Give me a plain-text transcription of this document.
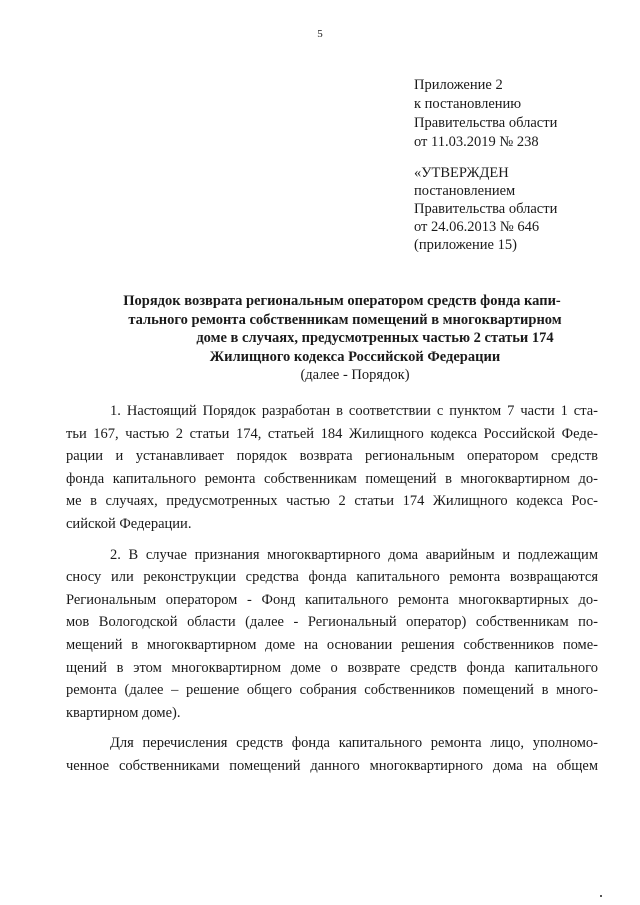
5
Приложение 2
к постановлению
Правительства области
от 11.03.2019 № 238
«УТВЕРЖДЕН
постановлением
Правительства области
от 24.06.2013 № 646
(приложение 15)
Порядок возврата региональным оператором средств фонда капи-
тального ремонта собственникам помещений в многоквартирном
доме в случаях, предусмотренных частью 2 статьи 174
Жилищного кодекса Российской Федерации
(далее - Порядок)
1. Настоящий Порядок разработан в соответствии с пунктом 7 части 1 ста-
тьи 167, частью 2 статьи 174, статьей 184 Жилищного кодекса Российской Феде-
рации и устанавливает порядок возврата региональным оператором средств
фонда капитального ремонта собственникам помещений в многоквартирном до-
ме в случаях, предусмотренных частью 2 статьи 174 Жилищного кодекса Рос-
сийской Федерации.
2. В случае признания многоквартирного дома аварийным и подлежащим
сносу или реконструкции средства фонда капитального ремонта возвращаются
Региональным оператором - Фонд капитального ремонта многоквартирных до-
мов Вологодской области (далее - Региональный оператор) собственникам по-
мещений в многоквартирном доме на основании решения собственников поме-
щений в этом многоквартирном доме о возврате средств фонда капитального
ремонта (далее – решение общего собрания собственников помещений в много-
квартирном доме).
Для перечисления средств фонда капитального ремонта лицо, уполномо-
ченное собственниками помещений данного многоквартирного дома на общем
